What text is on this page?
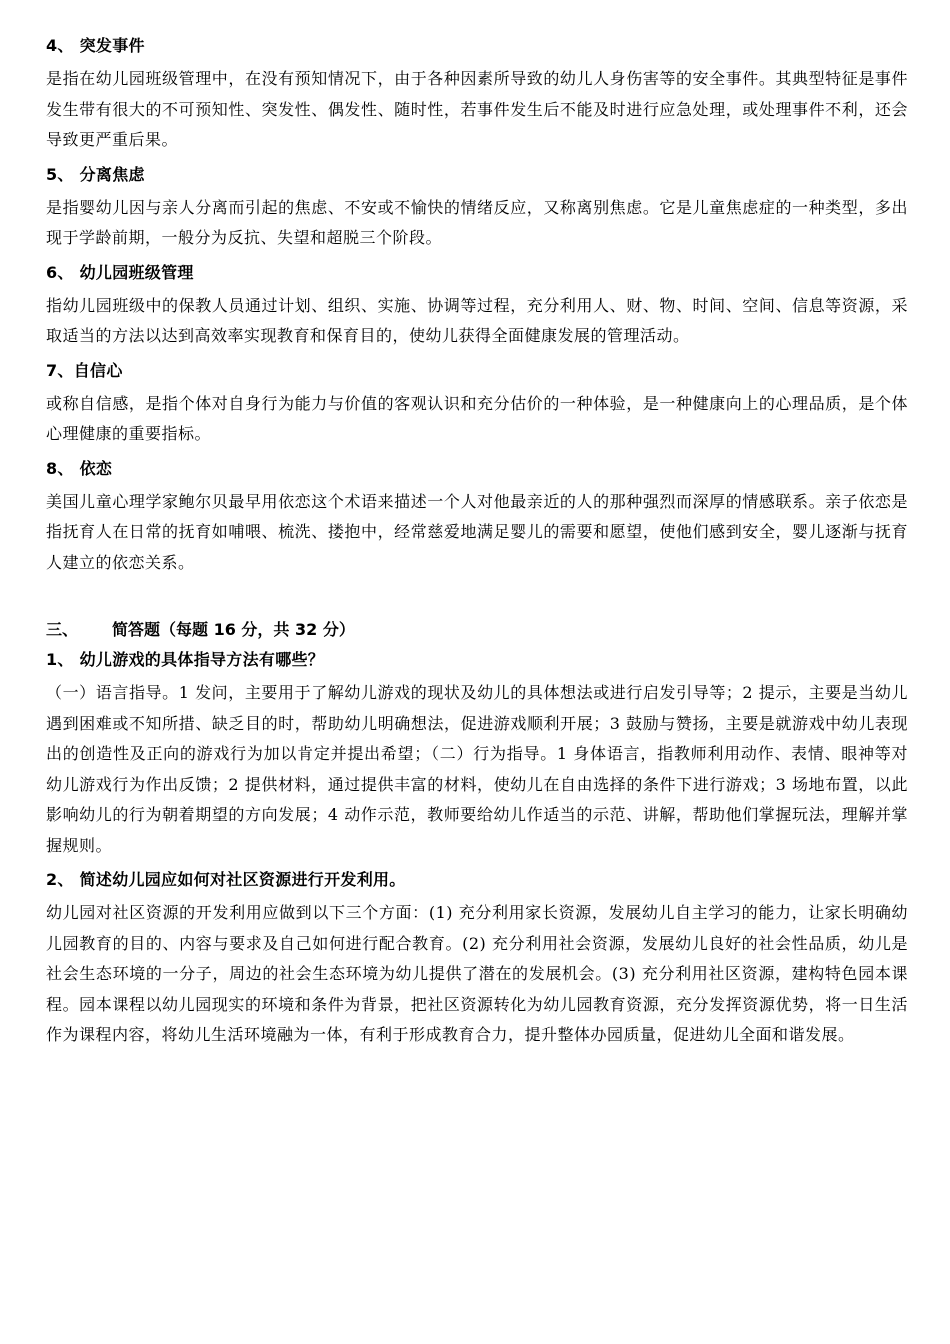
4、 突发事件
是指在幼儿园班级管理中，在没有预知情况下，由于各种因素所导致的幼儿人身伤害等的安全事件。其典型特征是事件发生带有很大的不可预知性、突发性、偶发性、随时性，若事件发生后不能及时进行应急处理，或处理事件不利，还会导致更严重后果。
5、 分离焦虑
是指婴幼儿因与亲人分离而引起的焦虑、不安或不愉快的情绪反应，又称离别焦虑。它是儿童焦虑症的一种类型，多出现于学龄前期，一般分为反抗、失望和超脱三个阶段。
6、 幼儿园班级管理
指幼儿园班级中的保教人员通过计划、组织、实施、协调等过程，充分利用人、财、物、时间、空间、信息等资源，采取适当的方法以达到高效率实现教育和保育目的，使幼儿获得全面健康发展的管理活动。
7、自信心
或称自信感，是指个体对自身行为能力与价值的客观认识和充分估价的一种体验，是一种健康向上的心理品质，是个体心理健康的重要指标。
8、 依恋
美国儿童心理学家鲍尔贝最早用依恋这个术语来描述一个人对他最亲近的人的那种强烈而深厚的情感联系。亲子依恋是指抚育人在日常的抚育如哺喂、梳洗、搂抱中，经常慈爱地满足婴儿的需要和愿望，使他们感到安全，婴儿逐渐与抚育人建立的依恋关系。
三、 简答题（每题 16 分，共 32 分）
1、 幼儿游戏的具体指导方法有哪些？
（一）语言指导。1 发问，主要用于了解幼儿游戏的现状及幼儿的具体想法或进行启发引导等；2 提示，主要是当幼儿遇到困难或不知所措、缺乏目的时，帮助幼儿明确想法，促进游戏顺利开展；3 鼓励与赞扬，主要是就游戏中幼儿表现出的创造性及正向的游戏行为加以肯定并提出希望；（二）行为指导。1 身体语言，指教师利用动作、表情、眼神等对幼儿游戏行为作出反馈；2 提供材料，通过提供丰富的材料，使幼儿在自由选择的条件下进行游戏；3 场地布置，以此影响幼儿的行为朝着期望的方向发展；4 动作示范，教师要给幼儿作适当的示范、讲解，帮助他们掌握玩法，理解并掌握规则。
2、 简述幼儿园应如何对社区资源进行开发利用。
幼儿园对社区资源的开发利用应做到以下三个方面：(1) 充分利用家长资源，发展幼儿自主学习的能力，让家长明确幼儿园教育的目的、内容与要求及自己如何进行配合教育。(2) 充分利用社会资源，发展幼儿良好的社会性品质，幼儿是社会生态环境的一分子，周边的社会生态环境为幼儿提供了潜在的发展机会。(3) 充分利用社区资源，建构特色园本课程。园本课程以幼儿园现实的环境和条件为背景，把社区资源转化为幼儿园教育资源，充分发挥资源优势，将一日生活作为课程内容，将幼儿生活环境融为一体，有利于形成教育合力，提升整体办园质量，促进幼儿全面和谐发展。
